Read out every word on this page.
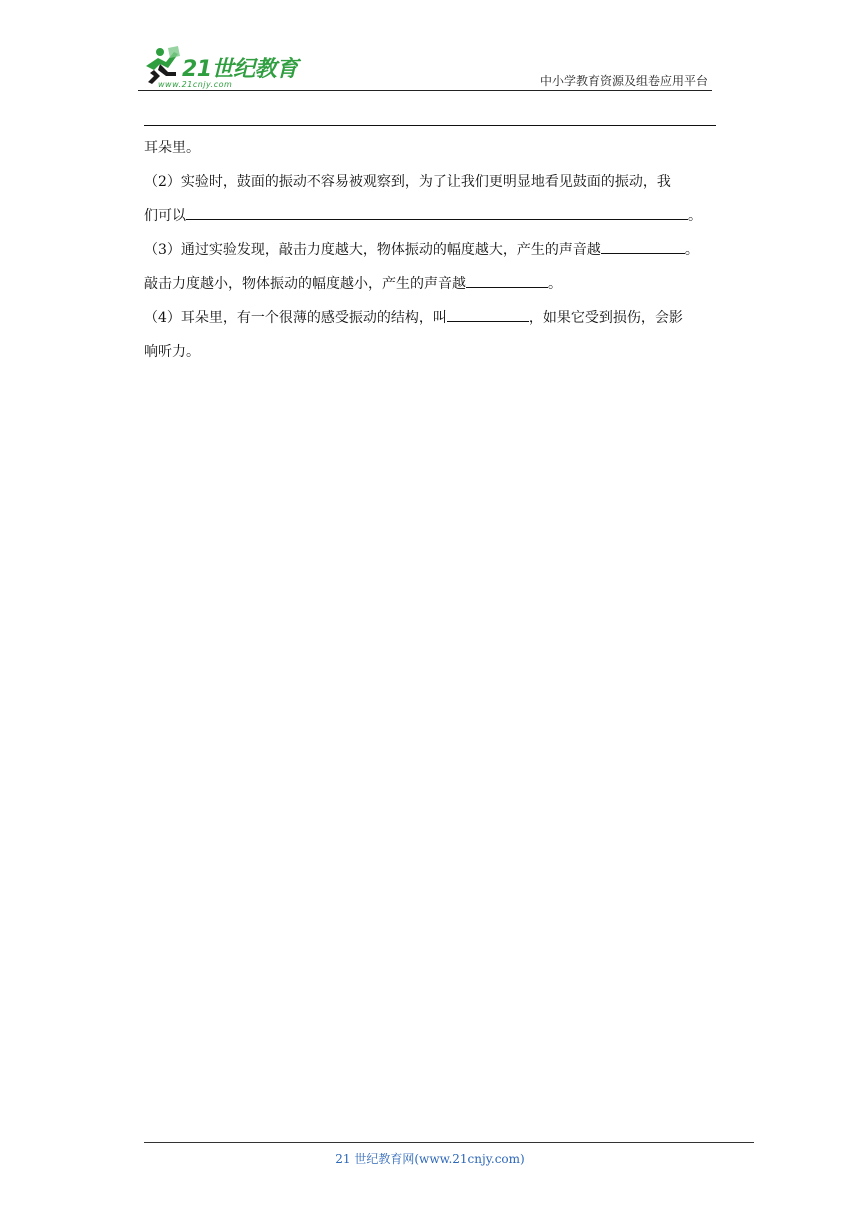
21世纪教育
www.21cnjy.com	中小学教育资源及组卷应用平台
耳朵里。
（2）实验时，鼓面的振动不容易被观察到，为了让我们更明显地看见鼓面的振动，我
们可以	。
（3）通过实验发现，敲击力度越大，物体振动的幅度越大，产生的声音越	。
敲击力度越小，物体振动的幅度越小，产生的声音越	。
（4）耳朵里，有一个很薄的感受振动的结构，叫	，如果它受到损伤，会影
响听力。
21 世纪教育网(www.21cnjy.com)
